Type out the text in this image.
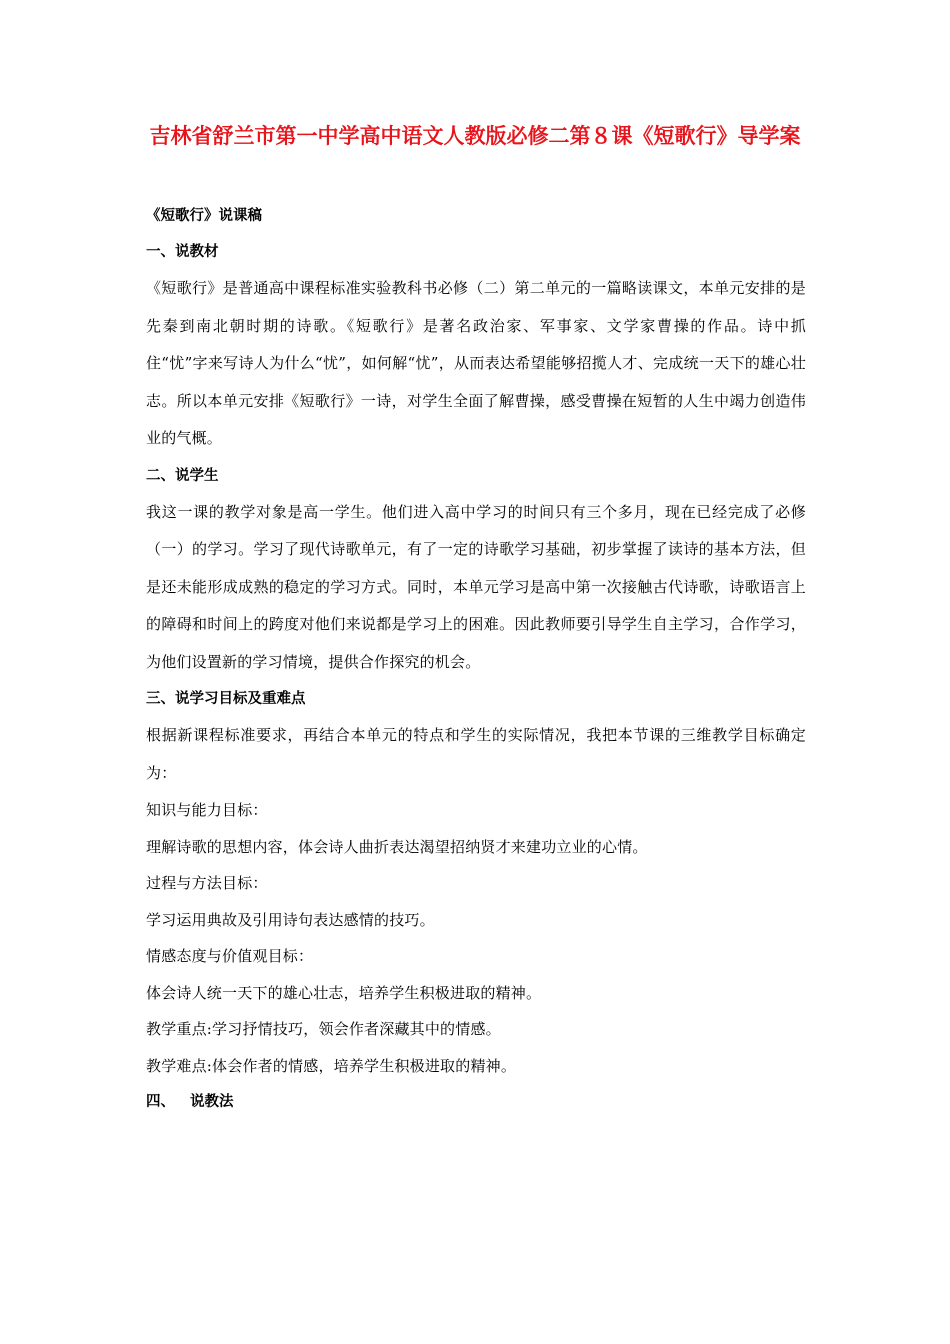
吉林省舒兰市第一中学高中语文人教版必修二第８课《短歌行》导学案

《短歌行》说课稿

一、说教材

《短歌行》是普通高中课程标准实验教科书必修（二）第二单元的一篇略读课文，本单元安排的是先秦到南北朝时期的诗歌。《短歌行》是著名政治家、军事家、文学家曹操的作品。诗中抓住“忧”字来写诗人为什么“忧”，如何解“忧”，从而表达希望能够招揽人才、完成统一天下的雄心壮志。所以本单元安排《短歌行》一诗，对学生全面了解曹操，感受曹操在短暂的人生中竭力创造伟业的气概。

二、说学生

我这一课的教学对象是高一学生。他们进入高中学习的时间只有三个多月，现在已经完成了必修（一）的学习。学习了现代诗歌单元，有了一定的诗歌学习基础，初步掌握了读诗的基本方法，但是还未能形成成熟的稳定的学习方式。同时，本单元学习是高中第一次接触古代诗歌，诗歌语言上的障碍和时间上的跨度对他们来说都是学习上的困难。因此教师要引导学生自主学习，合作学习，为他们设置新的学习情境，提供合作探究的机会。

三、说学习目标及重难点

根据新课程标准要求，再结合本单元的特点和学生的实际情况，我把本节课的三维教学目标确定为：

知识与能力目标：

理解诗歌的思想内容，体会诗人曲折表达渴望招纳贤才来建功立业的心情。

过程与方法目标：

学习运用典故及引用诗句表达感情的技巧。

情感态度与价值观目标：

体会诗人统一天下的雄心壮志，培养学生积极进取的精神。

教学重点:学习抒情技巧，领会作者深藏其中的情感。

教学难点:体会作者的情感，培养学生积极进取的精神。

四、 说教法
